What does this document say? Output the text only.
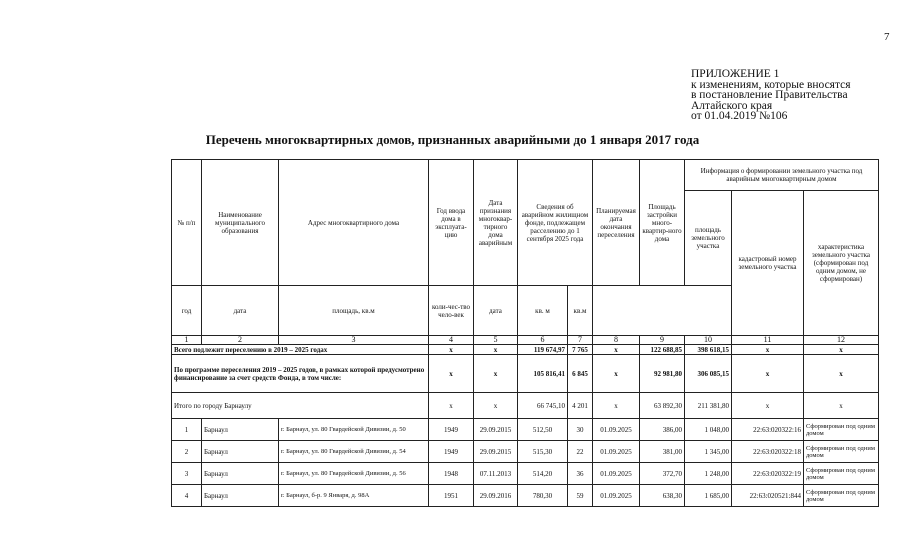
7
ПРИЛОЖЕНИЕ 1
к изменениям, которые вносятся
в постановление Правительства
Алтайского края
от 01.04.2019 №106
Перечень многоквартирных домов, признанных аварийными до 1 января 2017 года
№ п/п	Наименование муниципального образования	Адрес многоквартирного дома	Год ввода дома в эксплуата-цию	Дата признания многоквар-тирного дома аварийным	Сведения об аварийном жилищном фонде, подлежащем расселению до 1 сентября 2025 года		Планируемая дата окончания переселения	Площадь застройки много-квартир-ного дома	Информация о формировании земельного участка под аварийным многоквартирным домом		
									площадь земельного участка	кадастровый номер земельного участка	характеристика земельного участка (сформирован под одним домом, не сформирован)
год	дата	площадь, кв.м	коли-чес-тво чело-век	дата	кв. м	кв.м					
1	2	3	4	5	6	7	8	9	10	11	12
Всего подлежит переселению в 2019 – 2025 годах			x	x	119 674,97	7 765	x	122 688,85	398 618,15	x	x
По программе переселения 2019 – 2025 годов, в рамках которой предусмотрено финансирование за счет средств Фонда, в том числе:			x	x	105 816,41	6 845	x	92 981,80	306 085,15	x	x
Итого по городу Барнаулу			x	x	66 745,10	4 201	x	63 892,30	211 381,80	x	x
1	Барнаул	г. Барнаул, ул. 80 Гвардейской Дивизии, д. 50	1949	29.09.2015	512,50	30	01.09.2025	386,00	1 048,00	22:63:020322:16	Сформирован под одним домом
2	Барнаул	г. Барнаул, ул. 80 Гвардейской Дивизии, д. 54	1949	29.09.2015	515,30	22	01.09.2025	381,00	1 345,00	22:63:020322:18	Сформирован под одним домом
3	Барнаул	г. Барнаул, ул. 80 Гвардейской Дивизии, д. 56	1948	07.11.2013	514,20	36	01.09.2025	372,70	1 248,00	22:63:020322:19	Сформирован под одним домом
4	Барнаул	г. Барнаул, б-р. 9 Января, д. 98А	1951	29.09.2016	780,30	59	01.09.2025	638,30	1 685,00	22:63:020521:844	Сформирован под одним домом
